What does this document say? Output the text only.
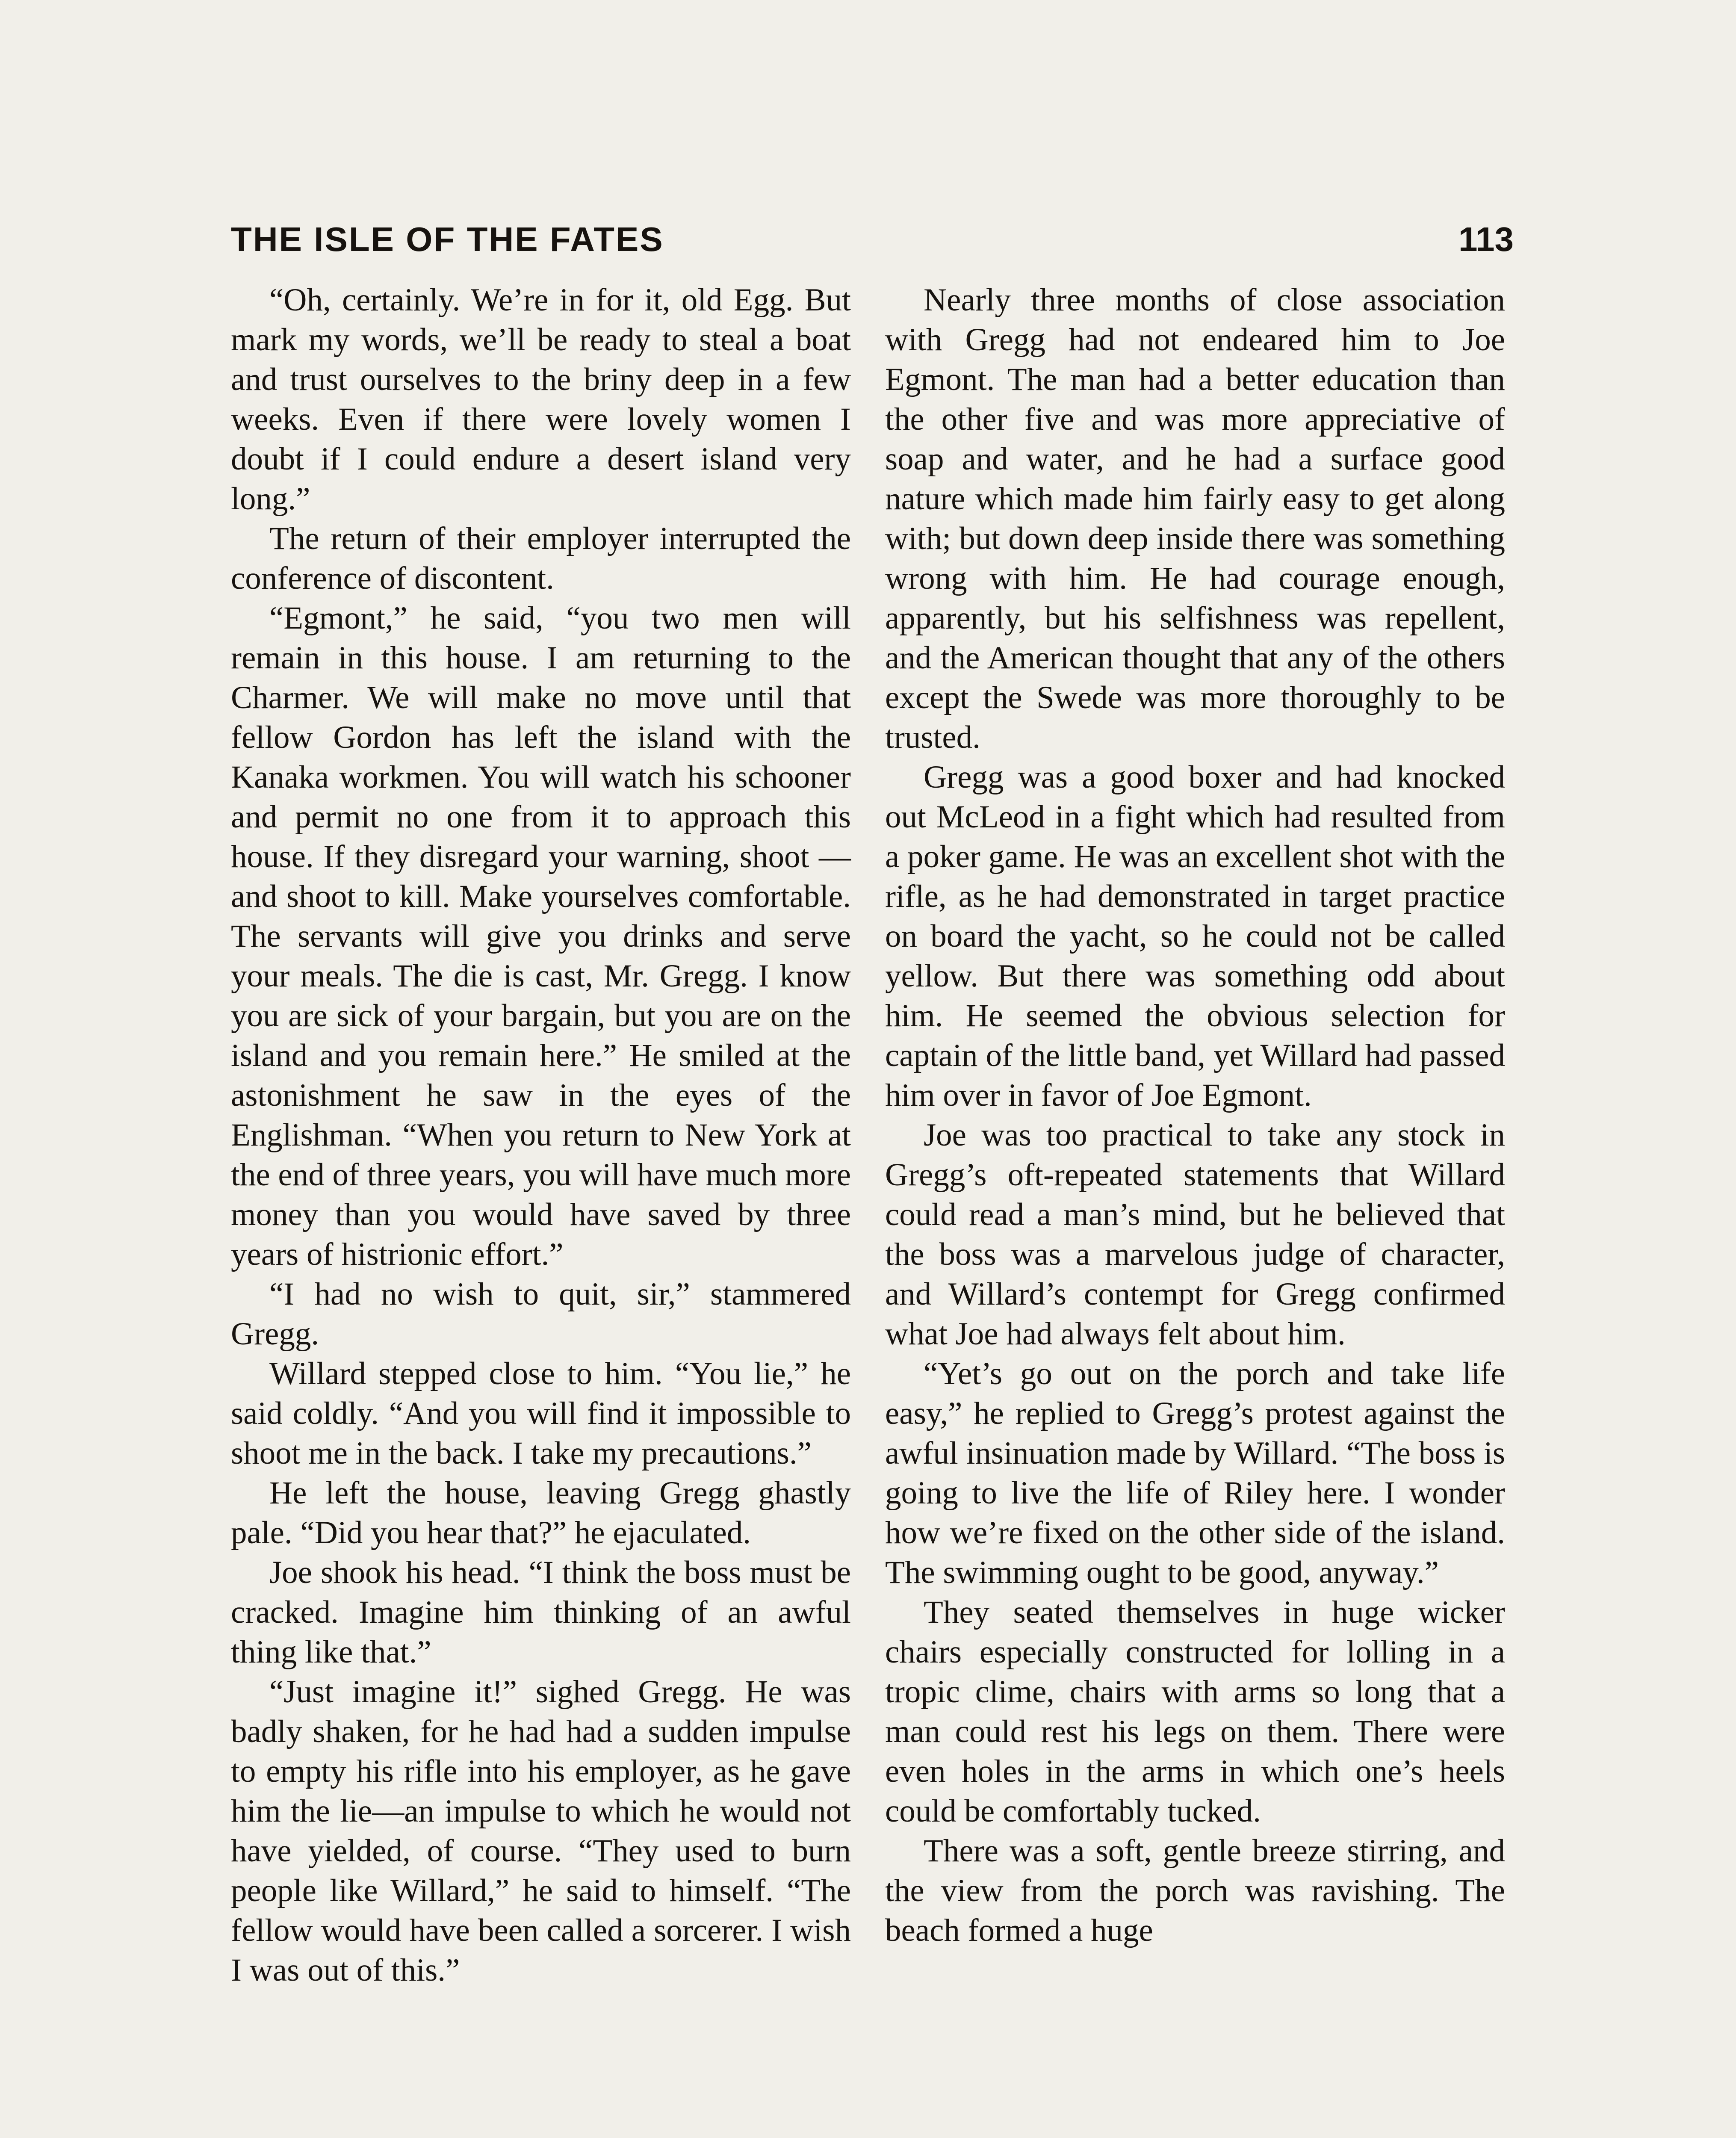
THE ISLE OF THE FATES	113

“Oh, certainly. We’re in for it, old Egg. But mark my words, we’ll be ready to steal a boat and trust ourselves to the briny deep in a few weeks. Even if there were lovely women I doubt if I could endure a desert island very long.”

The return of their employer interrupted the conference of discontent.

“Egmont,” he said, “you two men will remain in this house. I am returning to the Charmer. We will make no move until that fellow Gordon has left the island with the Kanaka workmen. You will watch his schooner and permit no one from it to approach this house. If they disregard your warning, shoot —and shoot to kill. Make yourselves comfortable. The servants will give you drinks and serve your meals. The die is cast, Mr. Gregg. I know you are sick of your bargain, but you are on the island and you remain here.” He smiled at the astonishment he saw in the eyes of the Englishman. “When you return to New York at the end of three years, you will have much more money than you would have saved by three years of histrionic effort.”

“I had no wish to quit, sir,” stammered Gregg.

Willard stepped close to him. “You lie,” he said coldly. “And you will find it impossible to shoot me in the back. I take my precautions.”

He left the house, leaving Gregg ghastly pale. “Did you hear that?” he ejaculated.

Joe shook his head. “I think the boss must be cracked. Imagine him thinking of an awful thing like that.”

“Just imagine it!” sighed Gregg. He was badly shaken, for he had had a sudden impulse to empty his rifle into his employer, as he gave him the lie—an impulse to which he would not have yielded, of course. “They used to burn people like Willard,” he said to himself. “The fellow would have been called a sorcerer. I wish I was out of this.”

Nearly three months of close association with Gregg had not endeared him to Joe Egmont. The man had a better education than the other five and was more appreciative of soap and water, and he had a surface good nature which made him fairly easy to get along with; but down deep inside there was something wrong with him. He had courage enough, apparently, but his selfishness was repellent, and the American thought that any of the others except the Swede was more thoroughly to be trusted.

Gregg was a good boxer and had knocked out McLeod in a fight which had resulted from a poker game. He was an excellent shot with the rifle, as he had demonstrated in target practice on board the yacht, so he could not be called yellow. But there was something odd about him. He seemed the obvious selection for captain of the little band, yet Willard had passed him over in favor of Joe Egmont.

Joe was too practical to take any stock in Gregg’s oft-repeated statements that Willard could read a man’s mind, but he believed that the boss was a marvelous judge of character, and Willard’s contempt for Gregg confirmed what Joe had always felt about him.

“Yet’s go out on the porch and take life easy,” he replied to Gregg’s protest against the awful insinuation made by Willard. “The boss is going to live the life of Riley here. I wonder how we’re fixed on the other side of the island. The swimming ought to be good, anyway.”

They seated themselves in huge wicker chairs especially constructed for lolling in a tropic clime, chairs with arms so long that a man could rest his legs on them. There were even holes in the arms in which one’s heels could be comfortably tucked.

There was a soft, gentle breeze stirring, and the view from the porch was ravishing. The beach formed a huge
